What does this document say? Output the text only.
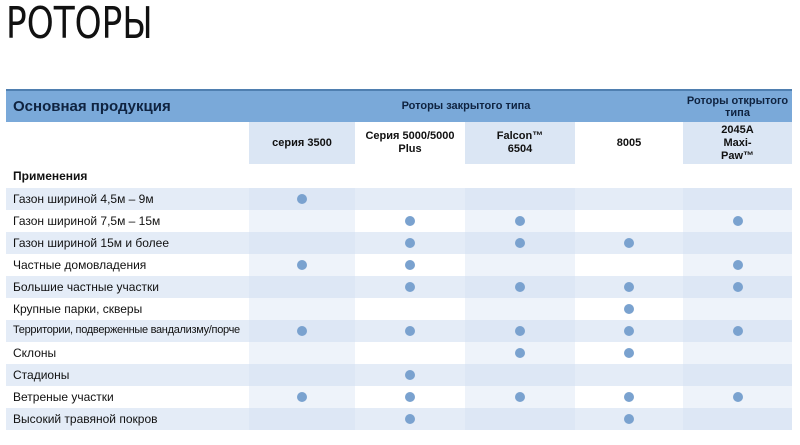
РОТОРЫ
Основная продукция	Роторы закрытого типа	Роторы открытого типа
серия 3500
Серия 5000/5000 Plus
Falcon™ 6504
8005
2045A Maxi-Paw™
Применения
Газон шириной 4,5м – 9м
Газон шириной 7,5м – 15м
Газон шириной 15м и более
Частные домовладения
Большие частные участки
Крупные парки, скверы
Территории, подверженные вандализму/порче
Склоны
Стадионы
Ветреные участки
Высокий травяной покров
